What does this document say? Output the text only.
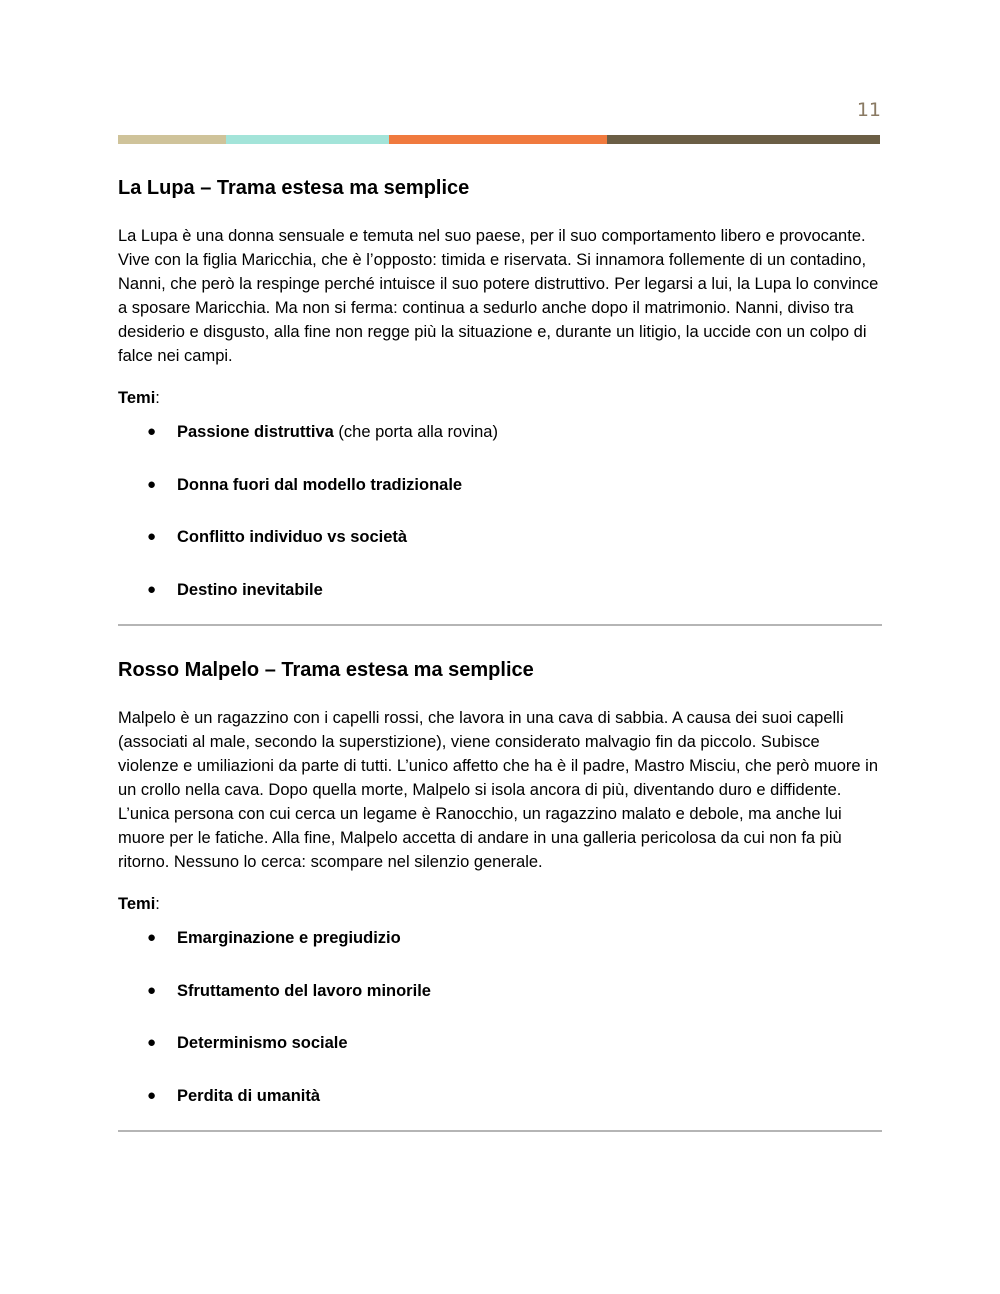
11
La Lupa – Trama estesa ma semplice

La Lupa è una donna sensuale e temuta nel suo paese, per il suo comportamento libero e provocante. Vive con la figlia Maricchia, che è l’opposto: timida e riservata. Si innamora follemente di un contadino, Nanni, che però la respinge perché intuisce il suo potere distruttivo. Per legarsi a lui, la Lupa lo convince a sposare Maricchia. Ma non si ferma: continua a sedurlo anche dopo il matrimonio. Nanni, diviso tra desiderio e disgusto, alla fine non regge più la situazione e, durante un litigio, la uccide con un colpo di falce nei campi.

Temi:

● Passione distruttiva (che porta alla rovina)
● Donna fuori dal modello tradizionale
● Conflitto individuo vs società
● Destino inevitabile
Rosso Malpelo – Trama estesa ma semplice

Malpelo è un ragazzino con i capelli rossi, che lavora in una cava di sabbia. A causa dei suoi capelli (associati al male, secondo la superstizione), viene considerato malvagio fin da piccolo. Subisce violenze e umiliazioni da parte di tutti. L’unico affetto che ha è il padre, Mastro Misciu, che però muore in un crollo nella cava. Dopo quella morte, Malpelo si isola ancora di più, diventando duro e diffidente. L’unica persona con cui cerca un legame è Ranocchio, un ragazzino malato e debole, ma anche lui muore per le fatiche. Alla fine, Malpelo accetta di andare in una galleria pericolosa da cui non fa più ritorno. Nessuno lo cerca: scompare nel silenzio generale.

Temi:

● Emarginazione e pregiudizio
● Sfruttamento del lavoro minorile
● Determinismo sociale
● Perdita di umanità
